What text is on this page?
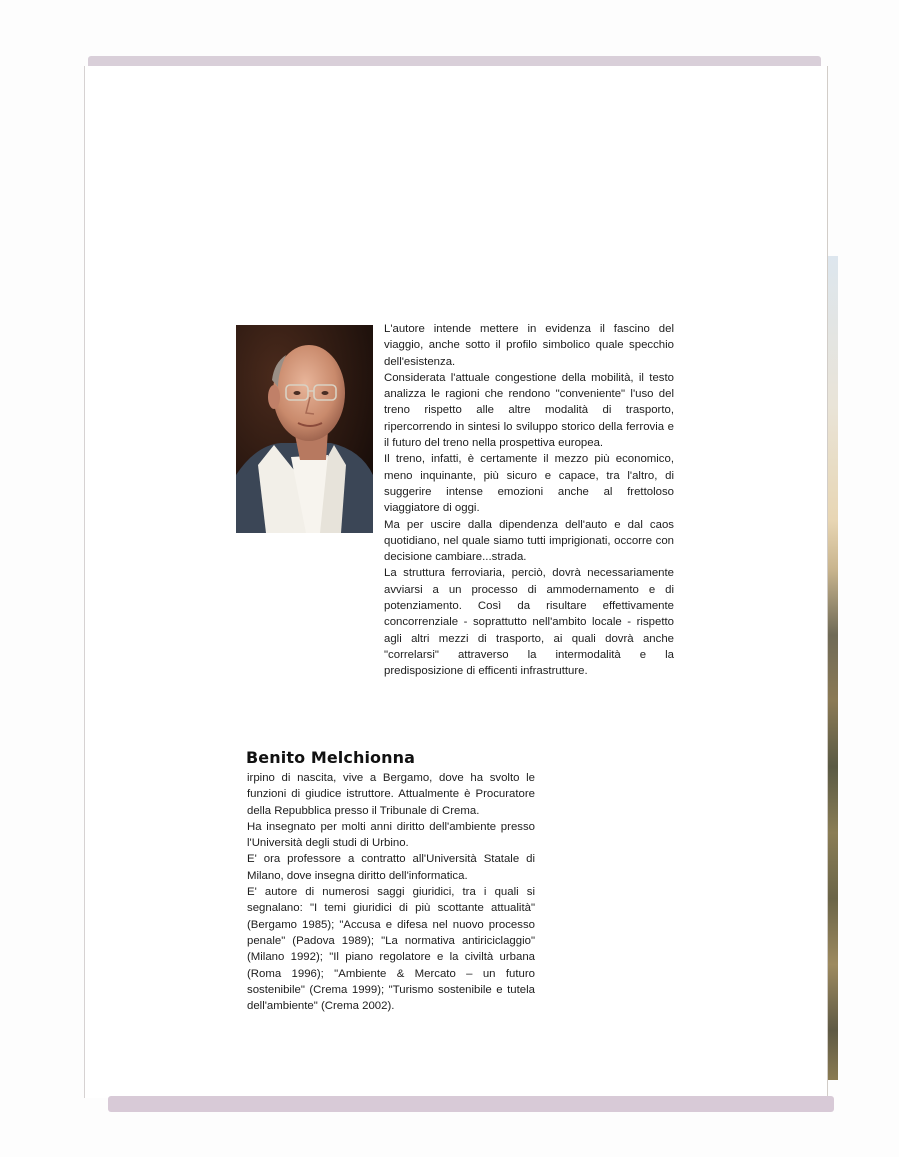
L'autore intende mettere in evidenza il fascino del viaggio, anche sotto il profilo simbolico quale specchio dell'esistenza.

Considerata l'attuale congestione della mobilità, il testo analizza le ragioni che rendono "conveniente" l'uso del treno rispetto alle altre modalità di trasporto, ripercorrendo in sintesi lo sviluppo storico della ferrovia e il futuro del treno nella prospettiva europea.

Il treno, infatti, è certamente il mezzo più economico, meno inquinante, più sicuro e capace, tra l'altro, di suggerire intense emozioni anche al frettoloso viaggiatore di oggi.

Ma per uscire dalla dipendenza dell'auto e dal caos quotidiano, nel quale siamo tutti imprigionati, occorre con decisione cambiare...strada.

La struttura ferroviaria, perciò, dovrà necessariamente avviarsi a un processo di ammodernamento e di potenziamento. Così da risultare effettivamente concorrenziale - soprattutto nell'ambito locale - rispetto agli altri mezzi di trasporto, ai quali dovrà anche "correlarsi" attraverso la intermodalità e la predisposizione di efficenti infrastrutture.

Benito Melchionna

irpino di nascita, vive a Bergamo, dove ha svolto le funzioni di giudice istruttore. Attualmente è Procuratore della Repubblica presso il Tribunale di Crema.

Ha insegnato per molti anni diritto dell'ambiente presso l'Università degli studi di Urbino.

E' ora professore a contratto all'Università Statale di Milano, dove insegna diritto dell'informatica.

E' autore di numerosi saggi giuridici, tra i quali si segnalano: "I temi giuridici di più scottante attualità" (Bergamo 1985); "Accusa e difesa nel nuovo processo penale" (Padova 1989); "La normativa antiriciclaggio" (Milano 1992); "Il piano regolatore e la civiltà urbana (Roma 1996); "Ambiente & Mercato – un futuro sostenibile" (Crema 1999); "Turismo sostenibile e tutela dell'ambiente" (Crema 2002).
